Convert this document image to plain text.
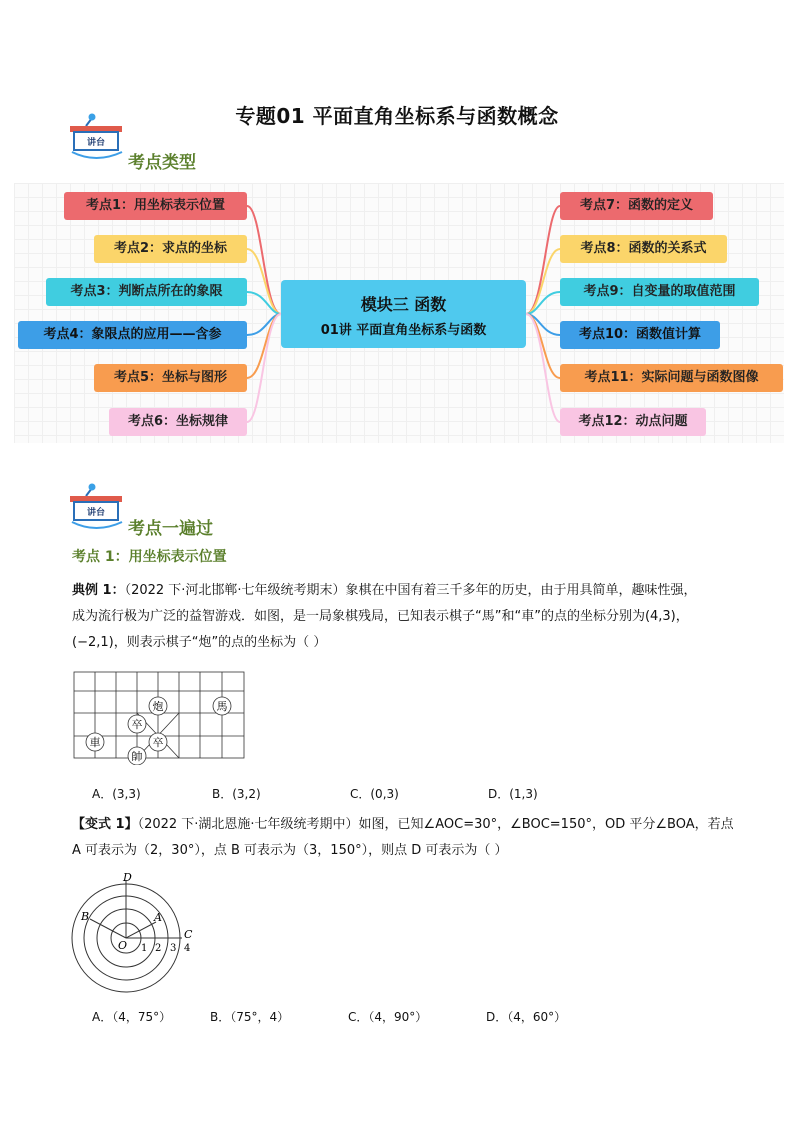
专题01 平面直角坐标系与函数概念
讲台
考点类型
考点1：用坐标表示位置
考点2：求点的坐标
考点3：判断点所在的象限
考点4：象限点的应用——含参
考点5：坐标与图形
考点6：坐标规律
模块三 函数
01讲 平面直角坐标系与函数
考点7：函数的定义
考点8：函数的关系式
考点9：自变量的取值范围
考点10：函数值计算
考点11：实际问题与函数图像
考点12：动点问题
讲台
考点一遍过
考点 1：用坐标表示位置
典例 1：（2022 下·河北邯郸·七年级统考期末）象棋在中国有着三千多年的历史，由于用具简单，趣味性强，
成为流行极为广泛的益智游戏．如图，是一局象棋残局，已知表示棋子“馬”和“車”的点的坐标分别为(4,3)，
(−2,1)，则表示棋子“炮”的点的坐标为（ ）
炮	馬
卒
車	卒
帥
A．(3,3)	B．(3,2)	C．(0,3)	D．(1,3)
【变式 1】（2022 下·湖北恩施·七年级统考期中）如图，已知∠AOC=30°，∠BOC=150°，OD 平分∠BOA，若点
A 可表示为（2，30°），点 B 可表示为（3，150°），则点 D 可表示为（ ）
D
B	A
C
O 1 2 3 4
A．（4，75°）	B．（75°，4）	C．（4，90°）	D．（4，60°）
